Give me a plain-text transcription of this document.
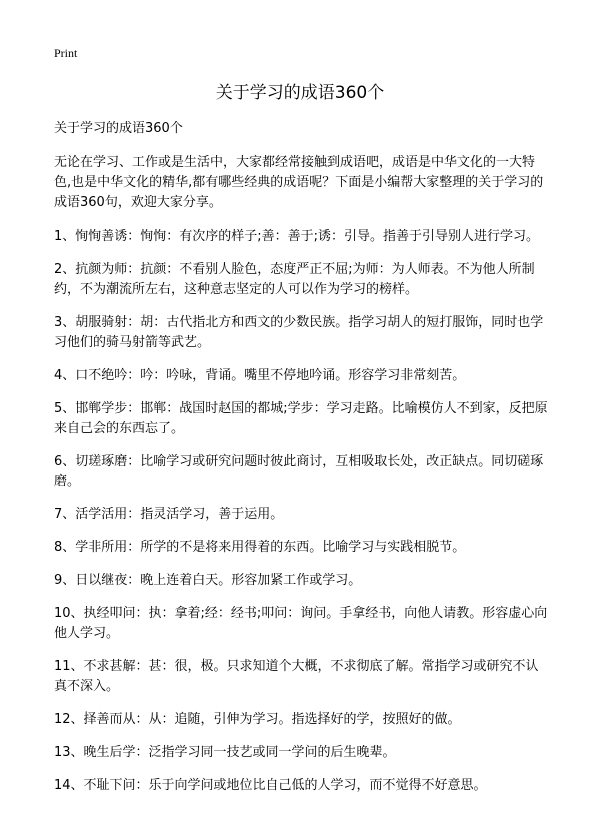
Print
关于学习的成语360个

关于学习的成语360个

无论在学习、工作或是生活中，大家都经常接触到成语吧，成语是中华文化的一大特色,也是中华文化的精华,都有哪些经典的成语呢？下面是小编帮大家整理的关于学习的成语360句，欢迎大家分享。

1、恂恂善诱：恂恂：有次序的样子;善：善于;诱：引导。指善于引导别人进行学习。

2、抗颜为师：抗颜：不看别人脸色，态度严正不屈;为师：为人师表。不为他人所制约，不为潮流所左右，这种意志坚定的人可以作为学习的榜样。

3、胡服骑射：胡：古代指北方和西文的少数民族。指学习胡人的短打服饰，同时也学习他们的骑马射箭等武艺。

4、口不绝吟：吟：吟咏，背诵。嘴里不停地吟诵。形容学习非常刻苦。

5、邯郸学步：邯郸：战国时赵国的都城;学步：学习走路。比喻模仿人不到家，反把原来自己会的东西忘了。

6、切瑳琢磨：比喻学习或研究问题时彼此商讨，互相吸取长处，改正缺点。同切磋琢磨。

7、活学活用：指灵活学习，善于运用。

8、学非所用：所学的不是将来用得着的东西。比喻学习与实践相脱节。

9、日以继夜：晚上连着白天。形容加紧工作或学习。

10、执经叩问：执：拿着;经：经书;叩问：询问。手拿经书，向他人请教。形容虚心向他人学习。

11、不求甚解：甚：很，极。只求知道个大概，不求彻底了解。常指学习或研究不认真不深入。

12、择善而从：从：追随，引伸为学习。指选择好的学，按照好的做。

13、晚生后学：泛指学习同一技艺或同一学问的后生晚辈。

14、不耻下问：乐于向学问或地位比自己低的人学习，而不觉得不好意思。
